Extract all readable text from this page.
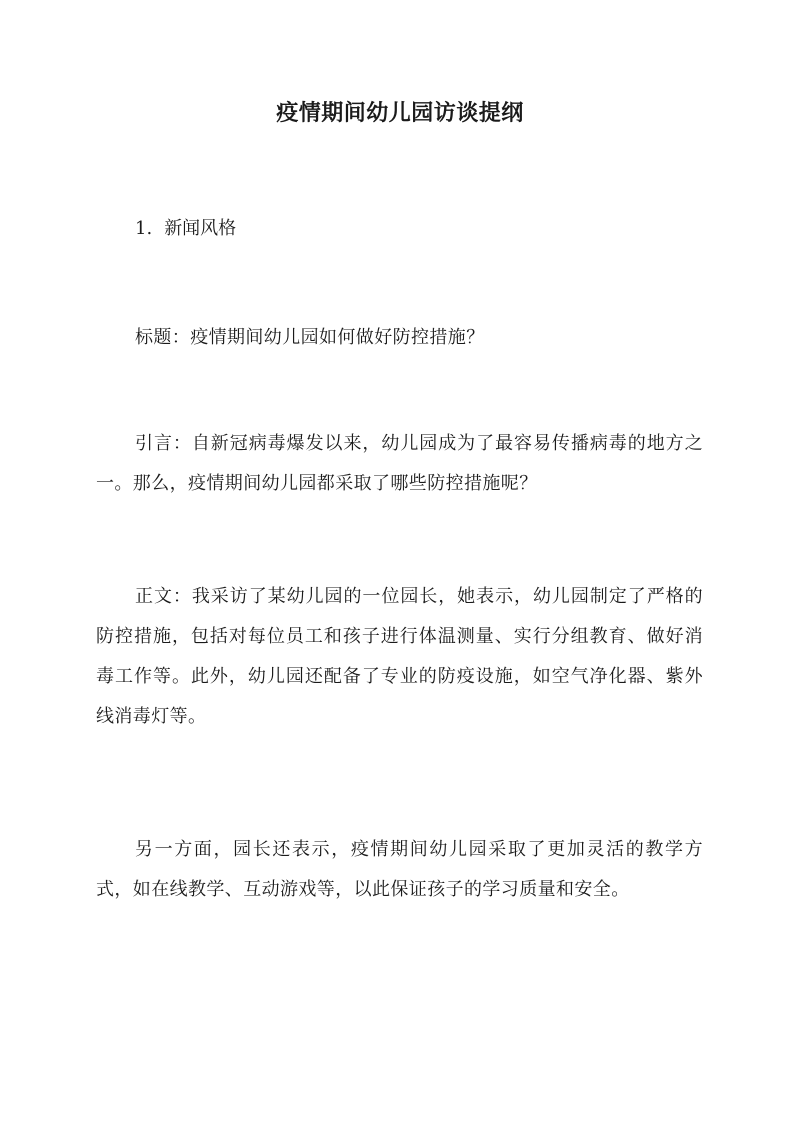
疫情期间幼儿园访谈提纲

1. 新闻风格

标题：疫情期间幼儿园如何做好防控措施？

引言：自新冠病毒爆发以来，幼儿园成为了最容易传播病毒的地方之一。那么，疫情期间幼儿园都采取了哪些防控措施呢？

正文：我采访了某幼儿园的一位园长，她表示，幼儿园制定了严格的防控措施，包括对每位员工和孩子进行体温测量、实行分组教育、做好消毒工作等。此外，幼儿园还配备了专业的防疫设施，如空气净化器、紫外线消毒灯等。

另一方面，园长还表示，疫情期间幼儿园采取了更加灵活的教学方式，如在线教学、互动游戏等，以此保证孩子的学习质量和安全。
